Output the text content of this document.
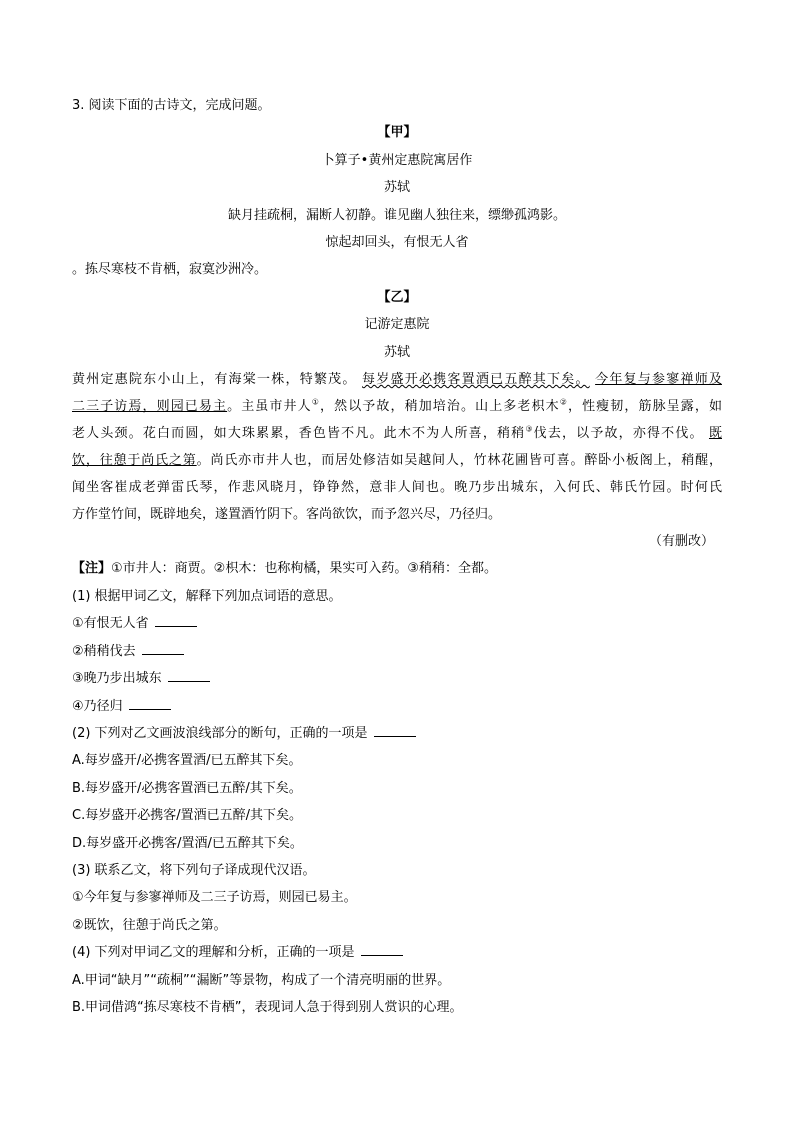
3. 阅读下面的古诗文，完成问题。
【甲】
卜算子•黄州定惠院寓居作
苏轼
缺月挂疏桐，漏断人初静。谁见幽人独往来，缥缈孤鸿影。
惊起却回头，有恨无人省
。拣尽寒枝不肯栖，寂寞沙洲冷。
【乙】
记游定惠院
苏轼
黄州定惠院东小山上，有海棠一株，特繁茂。 每岁盛开必携客置酒已五醉其下矣。 今年复与参寥禅师及
二三子访焉，则园已易主。主虽市井人①，然以予故，稍加培治。山上多老枳木②，性瘦韧，筋脉呈露，如
老人头颈。花白而圆，如大珠累累，香色皆不凡。此木不为人所喜，稍稍③伐去，以予故，亦得不伐。 既
饮，往憩于尚氏之第。尚氏亦市井人也，而居处修洁如吴越间人，竹林花圃皆可喜。醉卧小板阁上，稍醒，
闻坐客崔成老弹雷氏琴，作悲风晓月，铮铮然，意非人间也。晚乃步出城东，入何氏、韩氏竹园。时何氏
方作堂竹间，既辟地矣，遂置酒竹阴下。客尚欲饮，而予忽兴尽，乃径归。
（有删改）
【注】①市井人：商贾。②枳木：也称枸橘，果实可入药。③稍稍：全都。
(1) 根据甲词乙文，解释下列加点词语的意思。
①有恨无人省
②稍稍伐去
③晚乃步出城东
④乃径归
(2) 下列对乙文画波浪线部分的断句，正确的一项是
A.每岁盛开/必携客置酒/已五醉其下矣。
B.每岁盛开/必携客置酒已五醉/其下矣。
C.每岁盛开必携客/置酒已五醉/其下矣。
D.每岁盛开必携客/置酒/已五醉其下矣。
(3) 联系乙文，将下列句子译成现代汉语。
①今年复与参寥禅师及二三子访焉，则园已易主。
②既饮，往憩于尚氏之第。
(4) 下列对甲词乙文的理解和分析，正确的一项是
A.甲词“缺月”“疏桐”“漏断”等景物，构成了一个清亮明丽的世界。
B.甲词借鸿“拣尽寒枝不肯栖”，表现词人急于得到别人赏识的心理。
